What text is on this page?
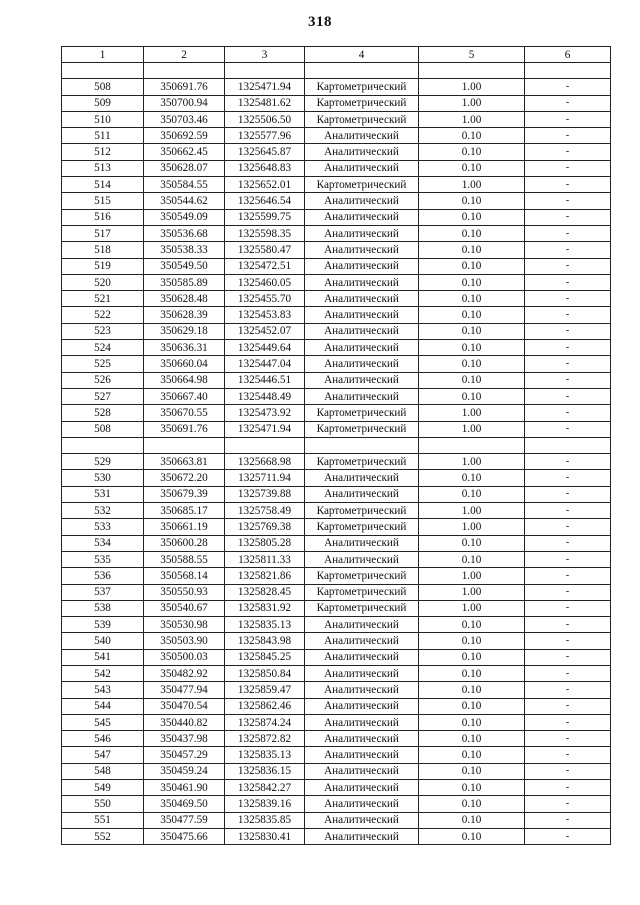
318
1	2	3	4	5	6

508	350691.76	1325471.94	Картометрический	1.00	-
509	350700.94	1325481.62	Картометрический	1.00	-
510	350703.46	1325506.50	Картометрический	1.00	-
511	350692.59	1325577.96	Аналитический	0.10	-
512	350662.45	1325645.87	Аналитический	0.10	-
513	350628.07	1325648.83	Аналитический	0.10	-
514	350584.55	1325652.01	Картометрический	1.00	-
515	350544.62	1325646.54	Аналитический	0.10	-
516	350549.09	1325599.75	Аналитический	0.10	-
517	350536.68	1325598.35	Аналитический	0.10	-
518	350538.33	1325580.47	Аналитический	0.10	-
519	350549.50	1325472.51	Аналитический	0.10	-
520	350585.89	1325460.05	Аналитический	0.10	-
521	350628.48	1325455.70	Аналитический	0.10	-
522	350628.39	1325453.83	Аналитический	0.10	-
523	350629.18	1325452.07	Аналитический	0.10	-
524	350636.31	1325449.64	Аналитический	0.10	-
525	350660.04	1325447.04	Аналитический	0.10	-
526	350664.98	1325446.51	Аналитический	0.10	-
527	350667.40	1325448.49	Аналитический	0.10	-
528	350670.55	1325473.92	Картометрический	1.00	-
508	350691.76	1325471.94	Картометрический	1.00	-

529	350663.81	1325668.98	Картометрический	1.00	-
530	350672.20	1325711.94	Аналитический	0.10	-
531	350679.39	1325739.88	Аналитический	0.10	-
532	350685.17	1325758.49	Картометрический	1.00	-
533	350661.19	1325769.38	Картометрический	1.00	-
534	350600.28	1325805.28	Аналитический	0.10	-
535	350588.55	1325811.33	Аналитический	0.10	-
536	350568.14	1325821.86	Картометрический	1.00	-
537	350550.93	1325828.45	Картометрический	1.00	-
538	350540.67	1325831.92	Картометрический	1.00	-
539	350530.98	1325835.13	Аналитический	0.10	-
540	350503.90	1325843.98	Аналитический	0.10	-
541	350500.03	1325845.25	Аналитический	0.10	-
542	350482.92	1325850.84	Аналитический	0.10	-
543	350477.94	1325859.47	Аналитический	0.10	-
544	350470.54	1325862.46	Аналитический	0.10	-
545	350440.82	1325874.24	Аналитический	0.10	-
546	350437.98	1325872.82	Аналитический	0.10	-
547	350457.29	1325835.13	Аналитический	0.10	-
548	350459.24	1325836.15	Аналитический	0.10	-
549	350461.90	1325842.27	Аналитический	0.10	-
550	350469.50	1325839.16	Аналитический	0.10	-
551	350477.59	1325835.85	Аналитический	0.10	-
552	350475.66	1325830.41	Аналитический	0.10	-
